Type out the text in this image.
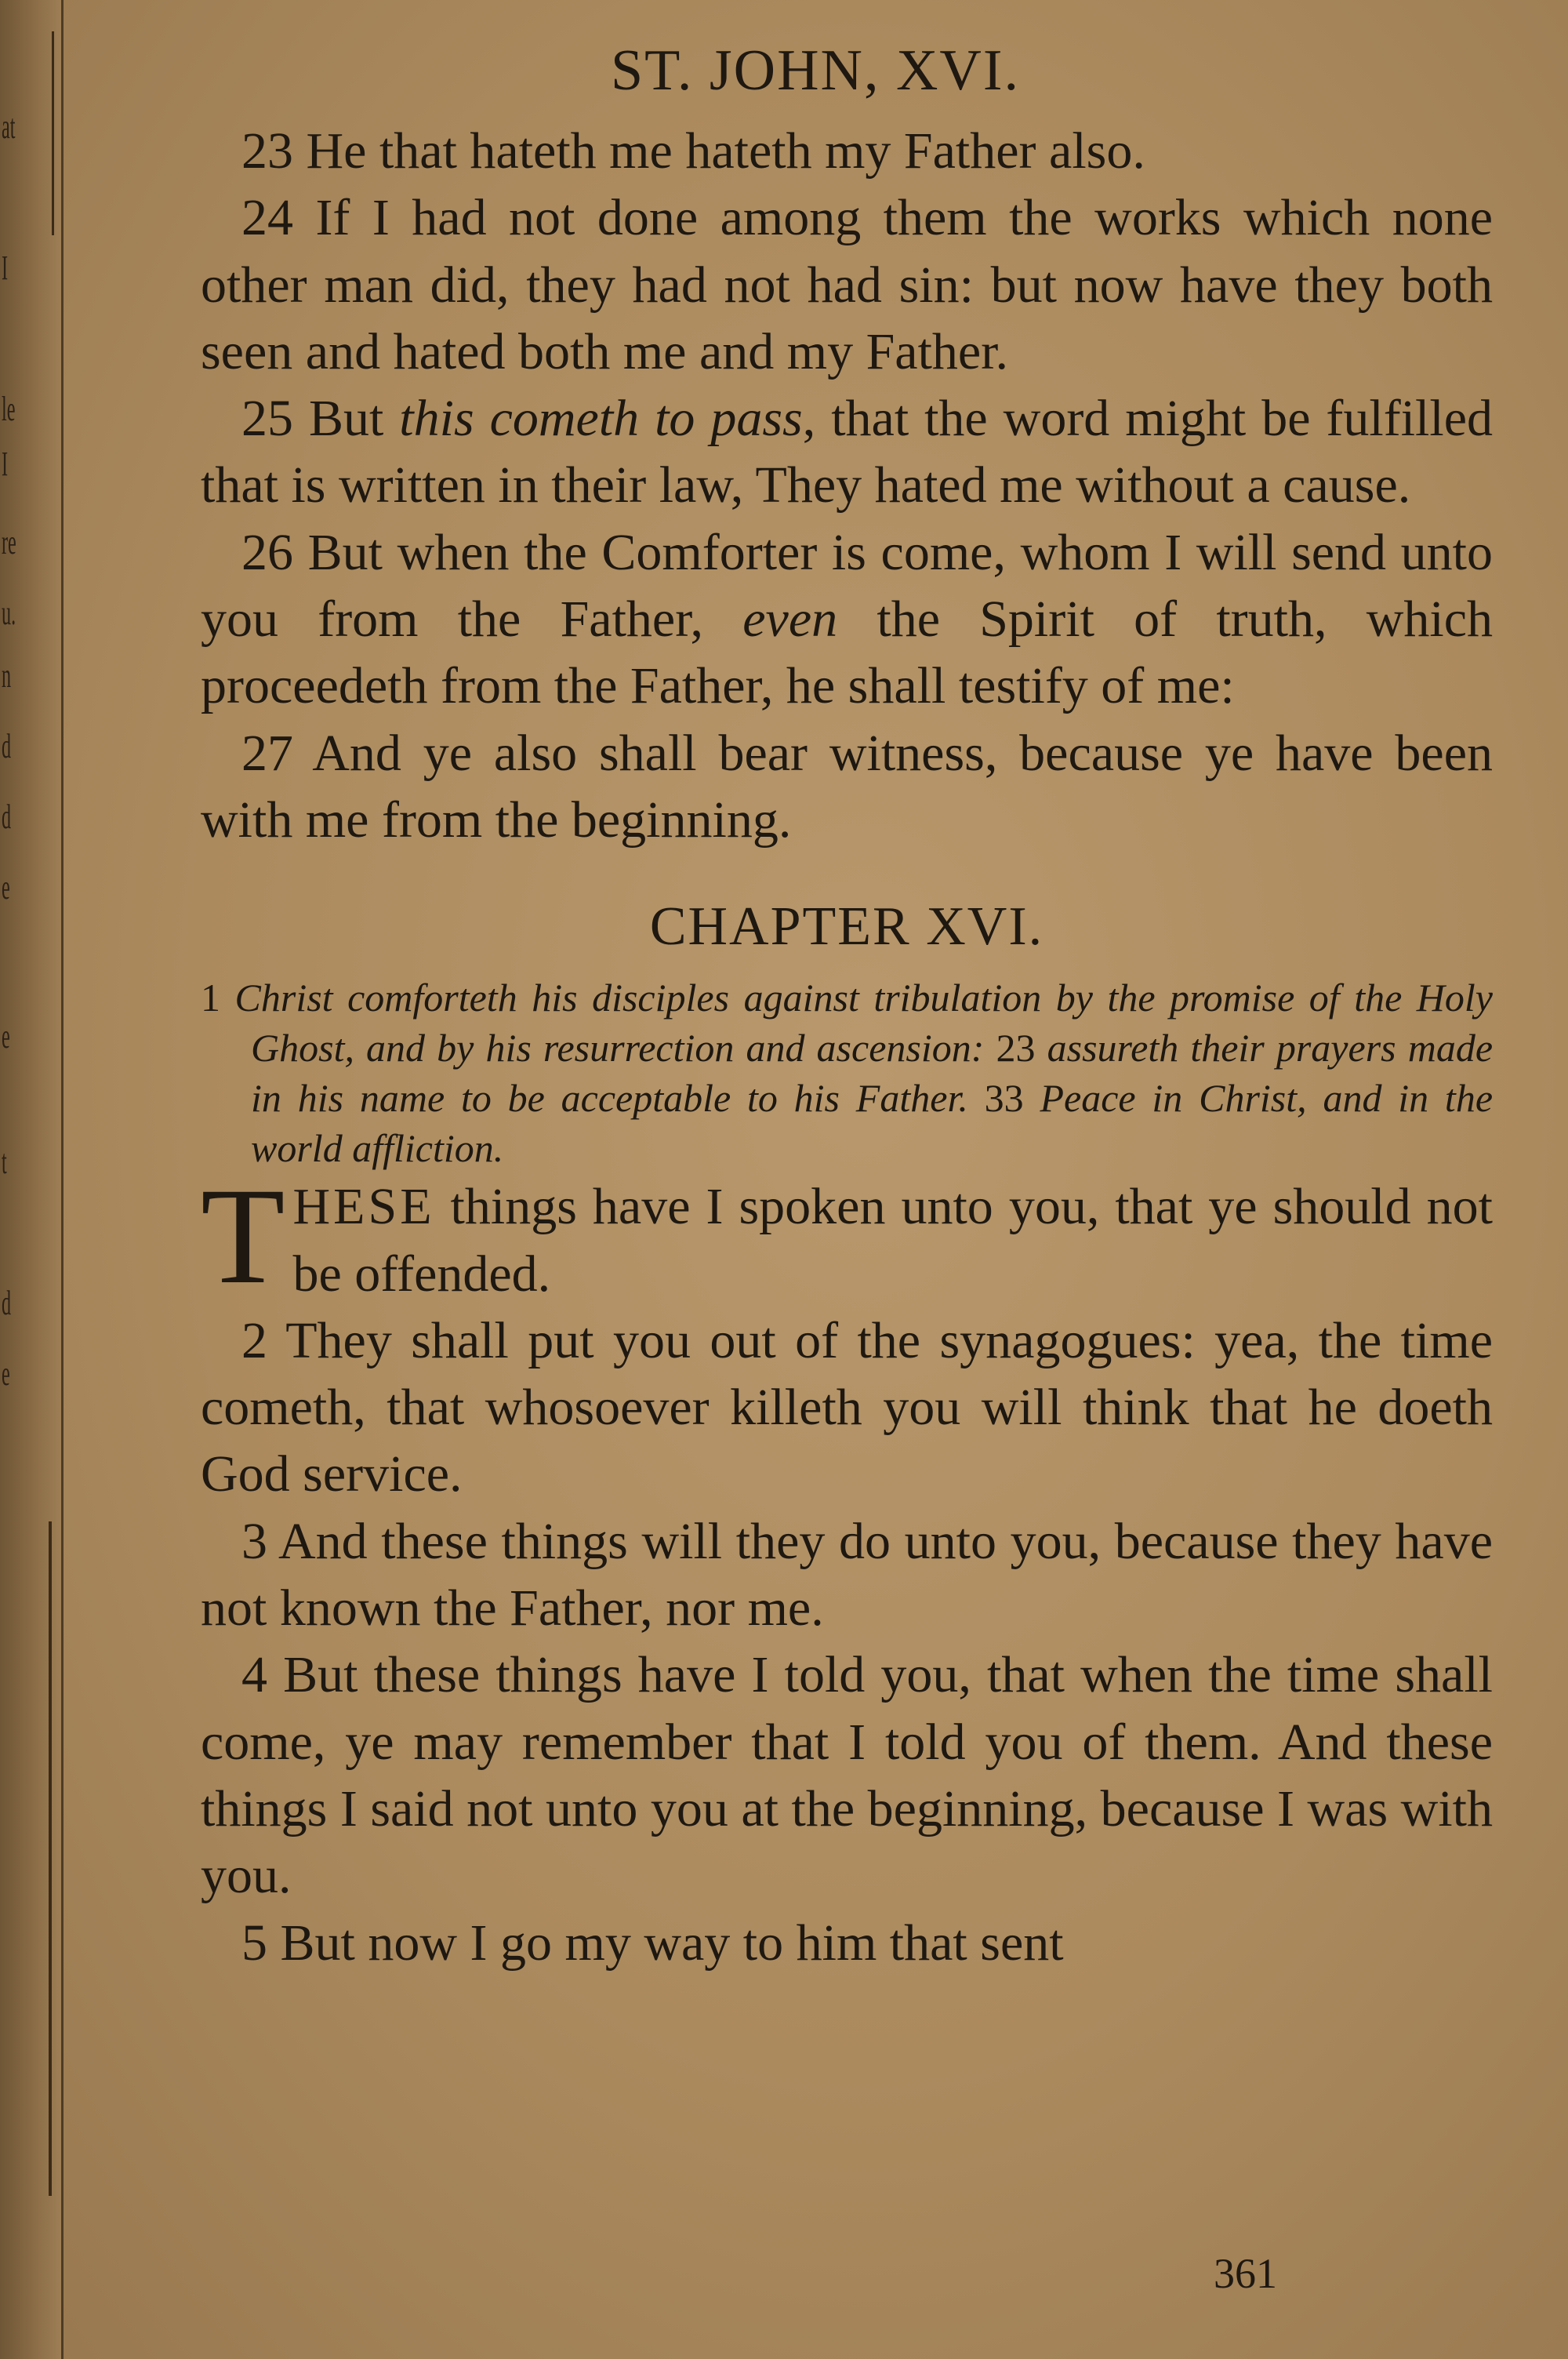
at
I
le
I
re
u.
n
d
d
e
e
t
d
e
ST. JOHN, XVI.

23 He that hateth me hateth my Father also.

24 If I had not done among them the works which none other man did, they had not had sin: but now have they both seen and hated both me and my Father.

25 But this cometh to pass, that the word might be fulfilled that is written in their law, They hated me without a cause.

26 But when the Comforter is come, whom I will send unto you from the Father, even the Spirit of truth, which proceedeth from the Father, he shall testify of me:

27 And ye also shall bear witness, because ye have been with me from the beginning.

CHAPTER XVI.

1 Christ comforteth his disciples against tribulation by the promise of the Holy Ghost, and by his resurrection and ascension: 23 assureth their prayers made in his name to be acceptable to his Father. 33 Peace in Christ, and in the world affliction.

THESE things have I spoken unto you, that ye should not be offended.

2 They shall put you out of the synagogues: yea, the time cometh, that whosoever killeth you will think that he doeth God service.

3 And these things will they do unto you, because they have not known the Father, nor me.

4 But these things have I told you, that when the time shall come, ye may remember that I told you of them. And these things I said not unto you at the beginning, because I was with you.

5 But now I go my way to him that sent

361
